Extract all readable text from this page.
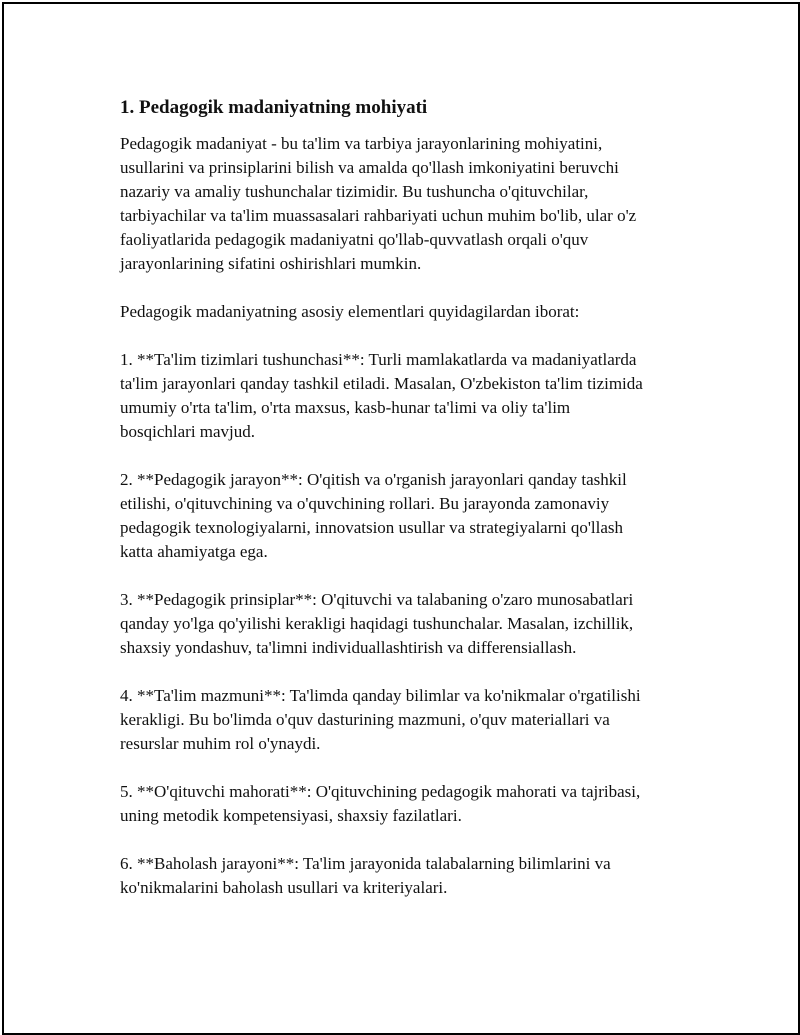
1. Pedagogik madaniyatning mohiyati

Pedagogik madaniyat - bu ta'lim va tarbiya jarayonlarining mohiyatini,
usullarini va prinsiplarini bilish va amalda qo'llash imkoniyatini beruvchi
nazariy va amaliy tushunchalar tizimidir. Bu tushuncha o'qituvchilar,
tarbiyachilar va ta'lim muassasalari rahbariyati uchun muhim bo'lib, ular o'z
faoliyatlarida pedagogik madaniyatni qo'llab-quvvatlash orqali o'quv
jarayonlarining sifatini oshirishlari mumkin.

Pedagogik madaniyatning asosiy elementlari quyidagilardan iborat:

1. **Ta'lim tizimlari tushunchasi**: Turli mamlakatlarda va madaniyatlarda
ta'lim jarayonlari qanday tashkil etiladi. Masalan, O'zbekiston ta'lim tizimida
umumiy o'rta ta'lim, o'rta maxsus, kasb-hunar ta'limi va oliy ta'lim
bosqichlari mavjud.

2. **Pedagogik jarayon**: O'qitish va o'rganish jarayonlari qanday tashkil
etilishi, o'qituvchining va o'quvchining rollari. Bu jarayonda zamonaviy
pedagogik texnologiyalarni, innovatsion usullar va strategiyalarni qo'llash
katta ahamiyatga ega.

3. **Pedagogik prinsiplar**: O'qituvchi va talabaning o'zaro munosabatlari
qanday yo'lga qo'yilishi kerakligi haqidagi tushunchalar. Masalan, izchillik,
shaxsiy yondashuv, ta'limni individuallashtirish va differensiallash.

4. **Ta'lim mazmuni**: Ta'limda qanday bilimlar va ko'nikmalar o'rgatilishi
kerakligi. Bu bo'limda o'quv dasturining mazmuni, o'quv materiallari va
resurslar muhim rol o'ynaydi.

5. **O'qituvchi mahorati**: O'qituvchining pedagogik mahorati va tajribasi,
uning metodik kompetensiyasi, shaxsiy fazilatlari.

6. **Baholash jarayoni**: Ta'lim jarayonida talabalarning bilimlarini va
ko'nikmalarini baholash usullari va kriteriyalari.
